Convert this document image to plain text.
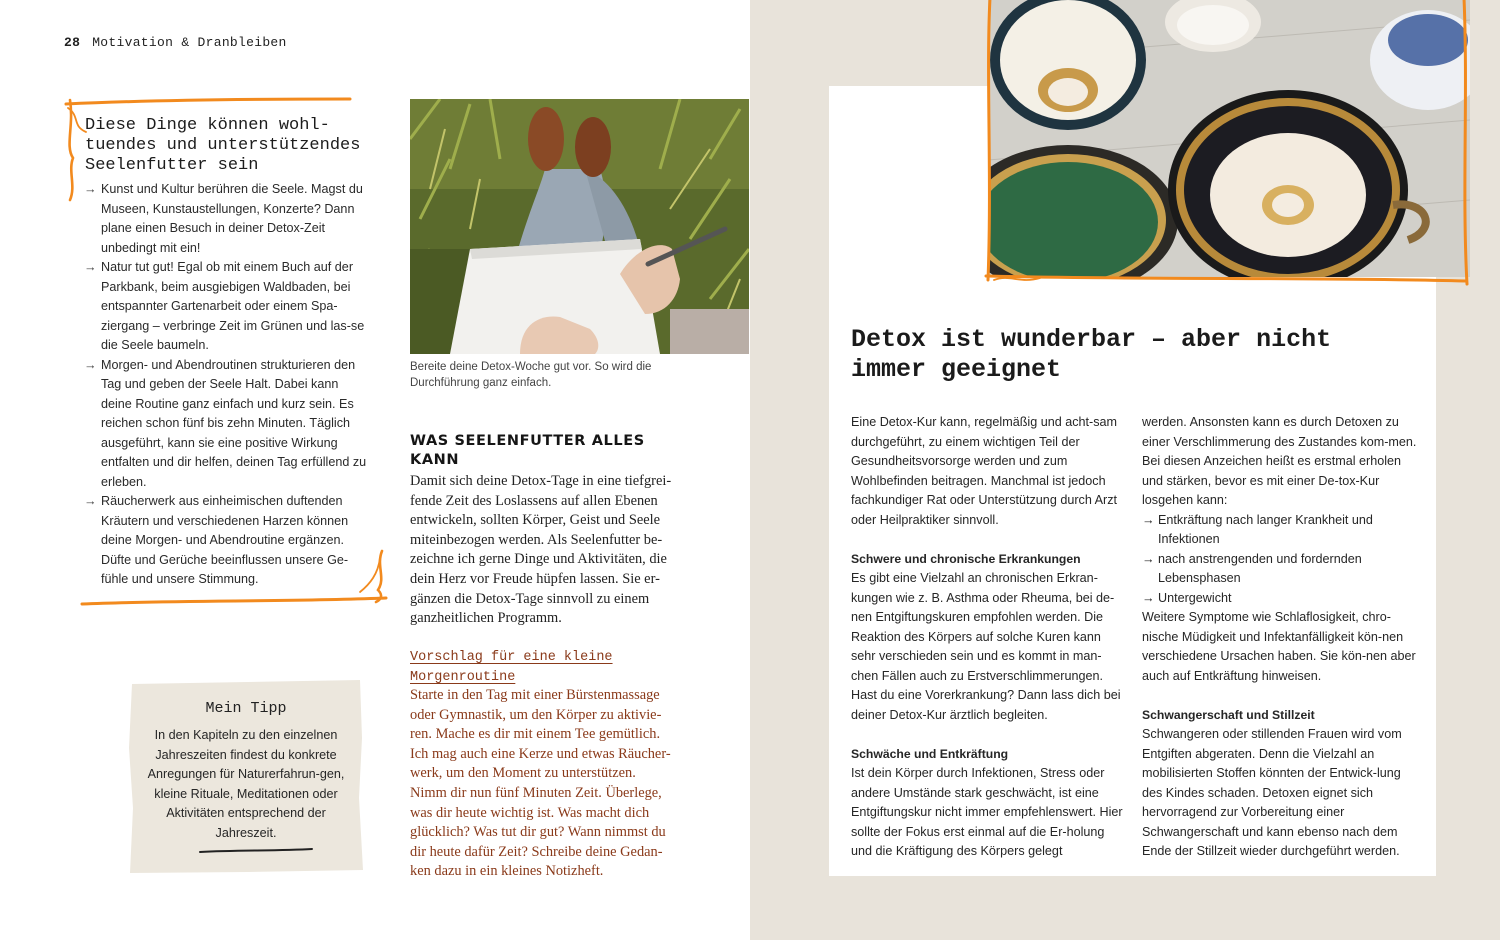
28 Motivation & Dranbleiben
Diese Dinge können wohl-tuendes und unterstützendes Seelenfutter sein
→ Kunst und Kultur berühren die Seele. Magst du Museen, Kunstaustellungen, Konzerte? Dann plane einen Besuch in deiner Detox-Zeit unbedingt mit ein!
→ Natur tut gut! Egal ob mit einem Buch auf der Parkbank, beim ausgiebigen Waldbaden, bei entspannter Gartenarbeit oder einem Spa-ziergang – verbringe Zeit im Grünen und las-se die Seele baumeln.
→ Morgen- und Abendroutinen strukturieren den Tag und geben der Seele Halt. Dabei kann deine Routine ganz einfach und kurz sein. Es reichen schon fünf bis zehn Minuten. Täglich ausgeführt, kann sie eine positive Wirkung entfalten und dir helfen, deinen Tag erfüllend zu erleben.
→ Räucherwerk aus einheimischen duftenden Kräutern und verschiedenen Harzen können deine Morgen- und Abendroutine ergänzen. Düfte und Gerüche beeinflussen unsere Ge-fühle und unsere Stimmung.
Bereite deine Detox-Woche gut vor. So wird die Durchführung ganz einfach.
WAS SEELENFUTTER ALLES KANN
Damit sich deine Detox-Tage in eine tiefgrei-fende Zeit des Loslassens auf allen Ebenen entwickeln, sollten Körper, Geist und Seele miteinbezogen werden. Als Seelenfutter be-zeichne ich gerne Dinge und Aktivitäten, die dein Herz vor Freude hüpfen lassen. Sie er-gänzen die Detox-Tage sinnvoll zu einem ganzheitlichen Programm.
Vorschlag für eine kleine Morgenroutine
Starte in den Tag mit einer Bürstenmassage oder Gymnastik, um den Körper zu aktivie-ren. Mache es dir mit einem Tee gemütlich. Ich mag auch eine Kerze und etwas Räucher-werk, um den Moment zu unterstützen. Nimm dir nun fünf Minuten Zeit. Überlege, was dir heute wichtig ist. Was macht dich glücklich? Was tut dir gut? Wann nimmst du dir heute dafür Zeit? Schreibe deine Gedan-ken dazu in ein kleines Notizheft.
Mein Tipp
In den Kapiteln zu den einzelnen Jahreszeiten findest du konkrete Anregungen für Naturerfahrun-gen, kleine Rituale, Meditationen oder Aktivitäten entsprechend der Jahreszeit.
Detox ist wunderbar – aber nicht immer geeignet

Eine Detox-Kur kann, regelmäßig und acht-sam durchgeführt, zu einem wichtigen Teil der Gesundheitsvorsorge werden und zum Wohlbefinden beitragen. Manchmal ist jedoch fachkundiger Rat oder Unterstützung durch Arzt oder Heilpraktiker sinnvoll.

Schwere und chronische Erkrankungen

Es gibt eine Vielzahl an chronischen Erkran-kungen wie z. B. Asthma oder Rheuma, bei de-nen Entgiftungskuren empfohlen werden. Die Reaktion des Körpers auf solche Kuren kann sehr verschieden sein und es kommt in man-chen Fällen auch zu Erstverschlimmerungen. Hast du eine Vorerkrankung? Dann lass dich bei deiner Detox-Kur ärztlich begleiten.

Schwäche und Entkräftung

Ist dein Körper durch Infektionen, Stress oder andere Umstände stark geschwächt, ist eine Entgiftungskur nicht immer empfehlenswert. Hier sollte der Fokus erst einmal auf die Er-holung und die Kräftigung des Körpers gelegt

werden. Ansonsten kann es durch Detoxen zu einer Verschlimmerung des Zustandes kom-men. Bei diesen Anzeichen heißt es erstmal erholen und stärken, bevor es mit einer De-tox-Kur losgehen kann:

→ Entkräftung nach langer Krankheit und Infektionen
→ nach anstrengenden und fordernden Lebensphasen
→ Untergewicht

Weitere Symptome wie Schlaflosigkeit, chro-nische Müdigkeit und Infektanfälligkeit kön-nen verschiedene Ursachen haben. Sie kön-nen aber auch auf Entkräftung hinweisen.

Schwangerschaft und Stillzeit

Schwangeren oder stillenden Frauen wird vom Entgiften abgeraten. Denn die Vielzahl an mobilisierten Stoffen könnten der Entwick-lung des Kindes schaden. Detoxen eignet sich hervorragend zur Vorbereitung einer Schwangerschaft und kann ebenso nach dem Ende der Stillzeit wieder durchgeführt werden.
